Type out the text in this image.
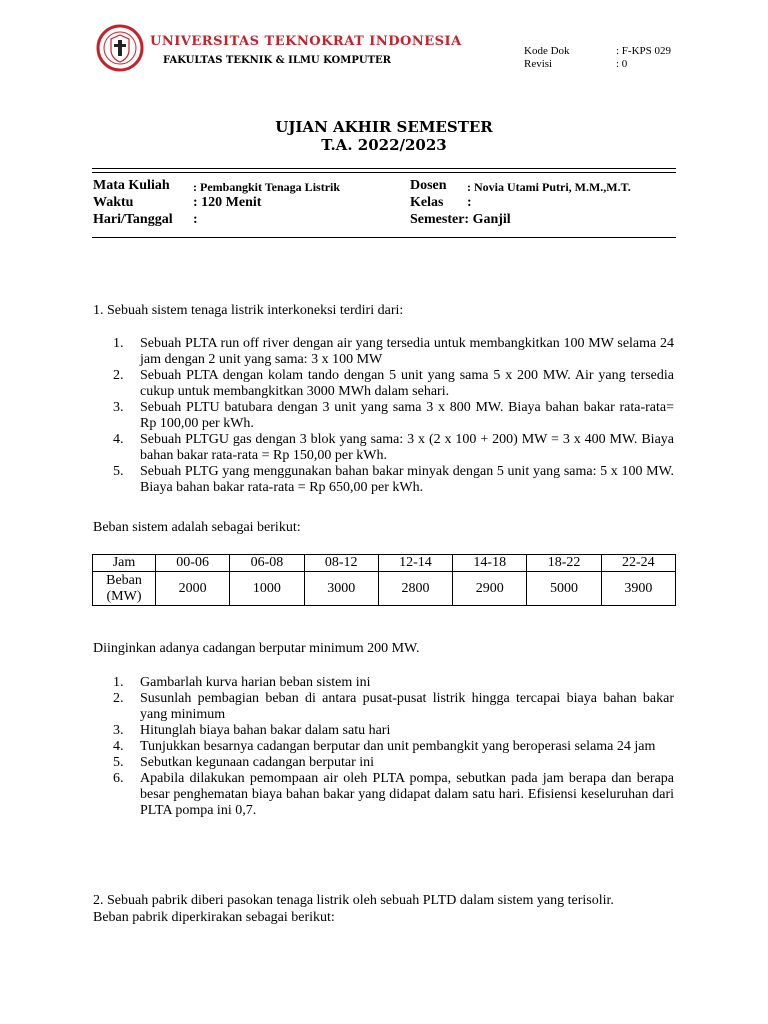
UNIVERSITAS TEKNOKRAT INDONESIA
FAKULTAS TEKNIK & ILMU KOMPUTER
Kode Dok	: F-KPS 029
Revisi	: 0
UJIAN AKHIR SEMESTER
T.A. 2022/2023
Mata Kuliah : Pembangkit Tenaga Listrik	Dosen : Novia Utami Putri, M.M.,M.T.
Waktu	: 120 Menit	Kelas :
Hari/Tanggal :	Semester: Ganjil
1. Sebuah sistem tenaga listrik interkoneksi terdiri dari:
1. Sebuah PLTA run off river dengan air yang tersedia untuk membangkitkan 100 MW selama 24 jam dengan 2 unit yang sama: 3 x 100 MW
2. Sebuah PLTA dengan kolam tando dengan 5 unit yang sama 5 x 200 MW. Air yang tersedia cukup untuk membangkitkan 3000 MWh dalam sehari.
3. Sebuah PLTU batubara dengan 3 unit yang sama 3 x 800 MW. Biaya bahan bakar rata-rata= Rp 100,00 per kWh.
4. Sebuah PLTGU gas dengan 3 blok yang sama: 3 x (2 x 100 + 200) MW = 3 x 400 MW. Biaya bahan bakar rata-rata = Rp 150,00 per kWh.
5. Sebuah PLTG yang menggunakan bahan bakar minyak dengan 5 unit yang sama: 5 x 100 MW. Biaya bahan bakar rata-rata = Rp 650,00 per kWh.
Beban sistem adalah sebagai berikut:
Jam	00-06	06-08	08-12	12-14	14-18	18-22	22-24
Beban
(MW)	2000	1000	3000	2800	2900	5000	3900
Diinginkan adanya cadangan berputar minimum 200 MW.
1. Gambarlah kurva harian beban sistem ini
2. Susunlah pembagian beban di antara pusat-pusat listrik hingga tercapai biaya bahan bakar yang minimum
3. Hitunglah biaya bahan bakar dalam satu hari
4. Tunjukkan besarnya cadangan berputar dan unit pembangkit yang beroperasi selama 24 jam
5. Sebutkan kegunaan cadangan berputar ini
6. Apabila dilakukan pemompaan air oleh PLTA pompa, sebutkan pada jam berapa dan berapa besar penghematan biaya bahan bakar yang didapat dalam satu hari. Efisiensi keseluruhan dari PLTA pompa ini 0,7.
2. Sebuah pabrik diberi pasokan tenaga listrik oleh sebuah PLTD dalam sistem yang terisolir.
Beban pabrik diperkirakan sebagai berikut:
